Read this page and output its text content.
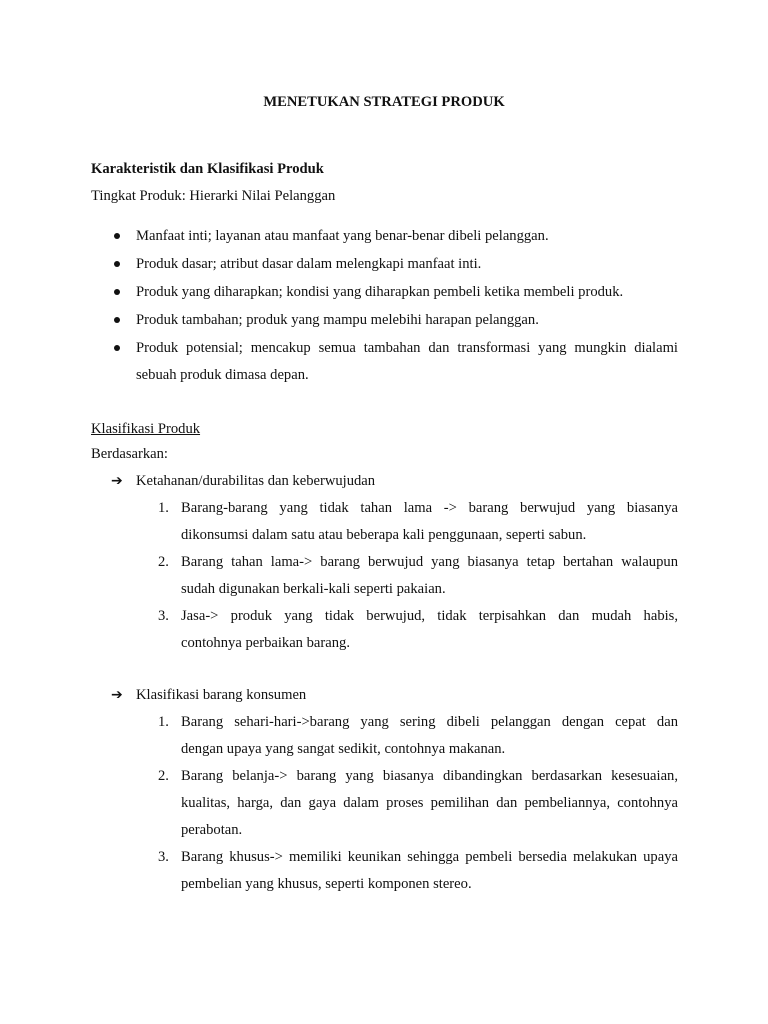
MENETUKAN STRATEGI PRODUK
Karakteristik dan Klasifikasi Produk
Tingkat Produk: Hierarki Nilai Pelanggan
Manfaat inti; layanan atau manfaat yang benar-benar dibeli pelanggan.
Produk dasar; atribut dasar dalam melengkapi manfaat inti.
Produk yang diharapkan; kondisi yang diharapkan pembeli ketika membeli produk.
Produk tambahan; produk yang mampu melebihi harapan pelanggan.
Produk potensial; mencakup semua tambahan dan transformasi yang mungkin dialami
sebuah produk dimasa depan.
Klasifikasi Produk
Berdasarkan:
➔ Ketahanan/durabilitas dan keberwujudan
1. Barang-barang yang tidak tahan lama -> barang berwujud yang biasanya
dikonsumsi dalam satu atau beberapa kali penggunaan, seperti sabun.
2. Barang tahan lama-> barang berwujud yang biasanya tetap bertahan walaupun
sudah digunakan berkali-kali seperti pakaian.
3. Jasa-> produk yang tidak berwujud, tidak terpisahkan dan mudah habis,
contohnya perbaikan barang.
➔ Klasifikasi barang konsumen
1. Barang sehari-hari->barang yang sering dibeli pelanggan dengan cepat dan
dengan upaya yang sangat sedikit, contohnya makanan.
2. Barang belanja-> barang yang biasanya dibandingkan berdasarkan kesesuaian,
kualitas, harga, dan gaya dalam proses pemilihan dan pembeliannya, contohnya
perabotan.
3. Barang khusus-> memiliki keunikan sehingga pembeli bersedia melakukan upaya
pembelian yang khusus, seperti komponen stereo.
